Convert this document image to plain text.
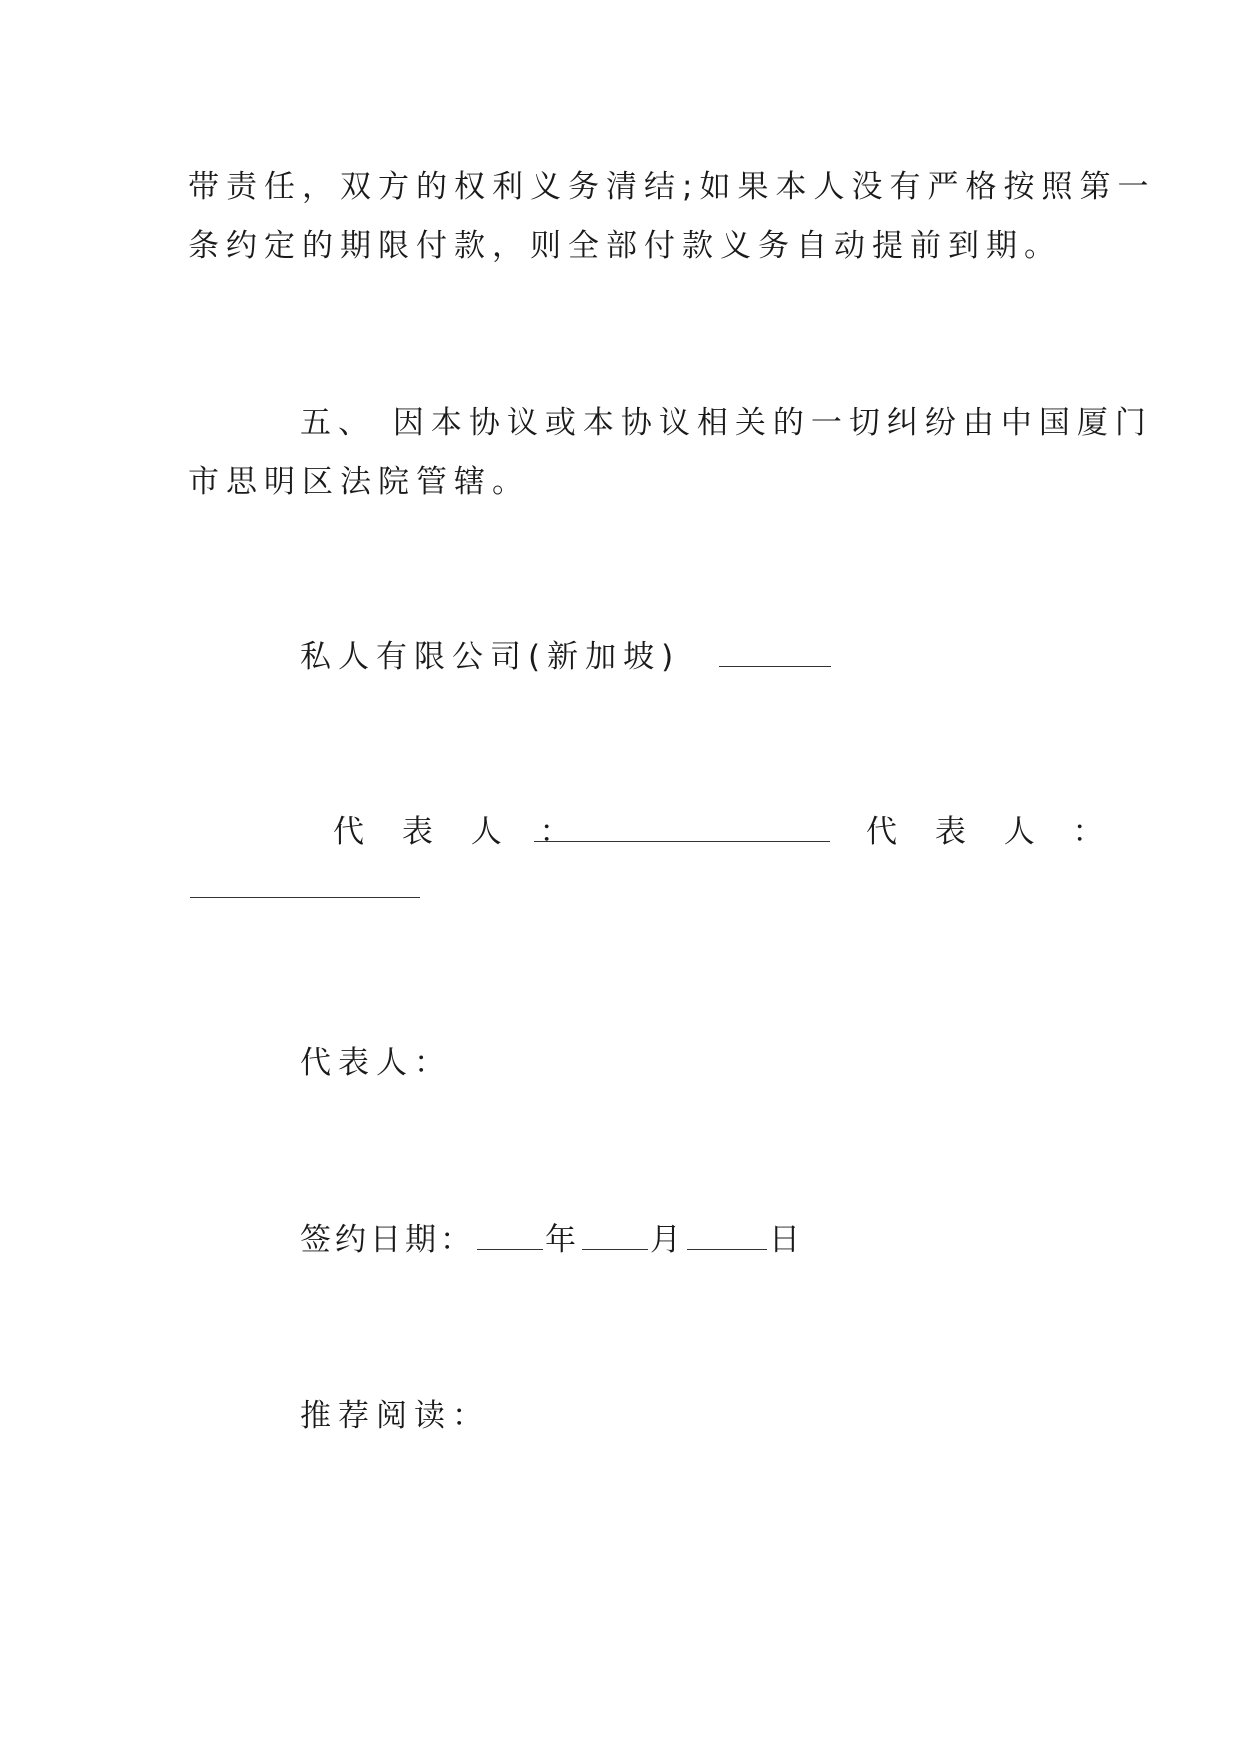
带责任，双方的权利义务清结;如果本人没有严格按照第一
条约定的期限付款，则全部付款义务自动提前到期。
五、 因本协议或本协议相关的一切纠纷由中国厦门
市思明区法院管辖。
私人有限公司(新加坡)
代 表 人 ：	代 表 人 ：
代表人：
签约日期： 年 月	日
推荐阅读：
